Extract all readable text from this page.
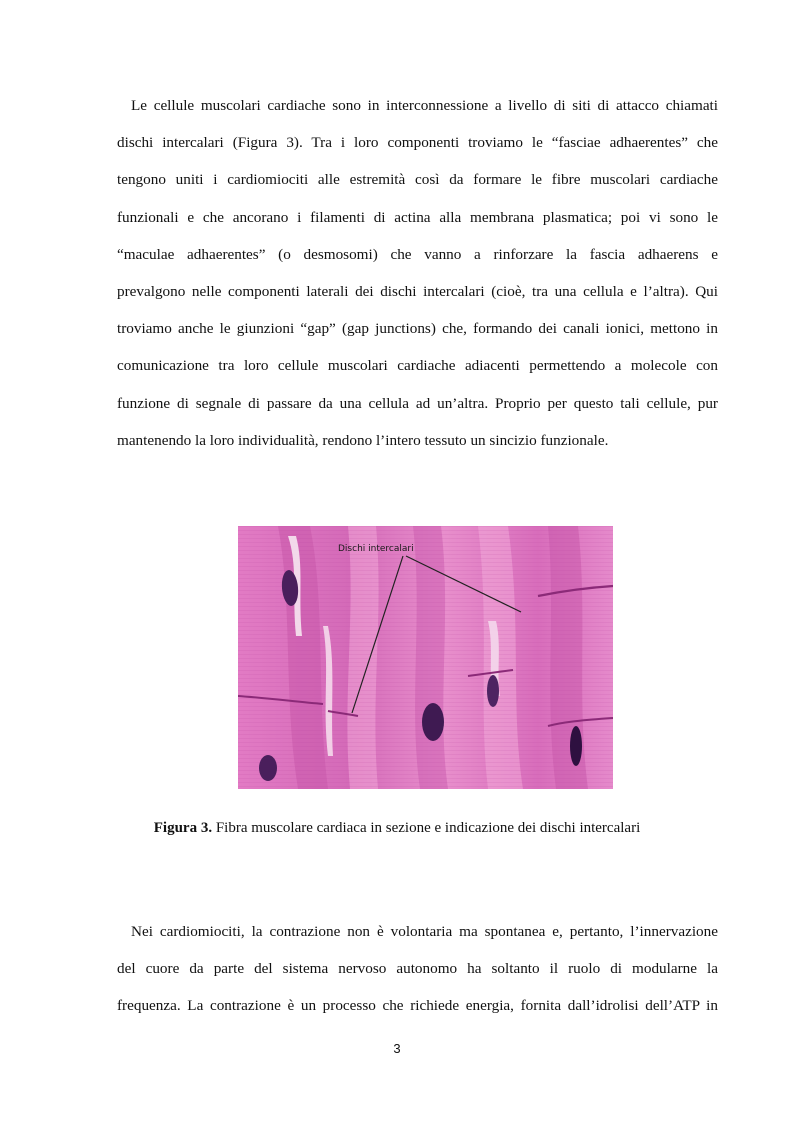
Le cellule muscolari cardiache sono in interconnessione a livello di siti di attacco chiamati
dischi intercalari (Figura 3). Tra i loro componenti troviamo le “fasciae adhaerentes” che
tengono uniti i cardiomiociti alle estremità così da formare le fibre muscolari cardiache
funzionali e che ancorano i filamenti di actina alla membrana plasmatica; poi vi sono le
“maculae adhaerentes” (o desmosomi) che vanno a rinforzare la fascia adhaerens e
prevalgono nelle componenti laterali dei dischi intercalari (cioè, tra una cellula e l’altra). Qui
troviamo anche le giunzioni “gap” (gap junctions) che, formando dei canali ionici, mettono in
comunicazione tra loro cellule muscolari cardiache adiacenti permettendo a molecole con
funzione di segnale di passare da una cellula ad un’altra. Proprio per questo tali cellule, pur
mantenendo la loro individualità, rendono l’intero tessuto un sincizio funzionale.
Dischi intercalari

Figura 3. Fibra muscolare cardiaca in sezione e indicazione dei dischi intercalari

Nei cardiomiociti, la contrazione non è volontaria ma spontanea e, pertanto, l’innervazione
del cuore da parte del sistema nervoso autonomo ha soltanto il ruolo di modularne la
frequenza. La contrazione è un processo che richiede energia, fornita dall’idrolisi dell’ATP in
3
